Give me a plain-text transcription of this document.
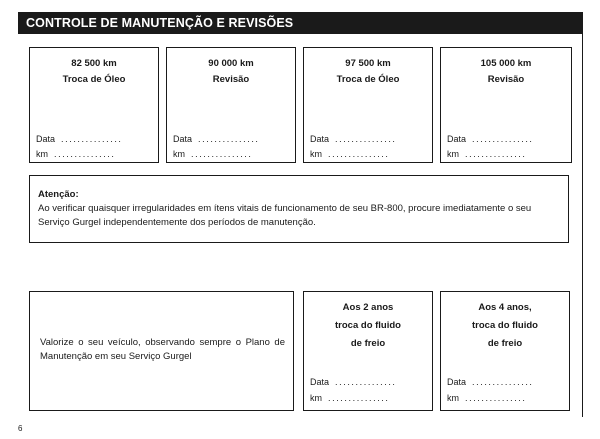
CONTROLE DE MANUTENÇÃO E REVISÕES
82 500 km
Troca de Óleo
Data ...............
km ...............
90 000 km
Revisão
Data ...............
km ...............
97 500 km
Troca de Óleo
Data ...............
km ...............
105 000 km
Revisão
Data ...............
km ...............
Atenção:
Ao verificar quaisquer irregularidades em ítens vitais de funcionamento de seu BR-800, procure imediatamente o seu Serviço Gurgel independentemente dos períodos de manutenção.
Valorize o seu veículo, observando sempre o Plano de Manutenção em seu Serviço Gurgel
Aos 2 anos
troca do fluido
de freio
Data ...............
km ...............
Aos 4 anos,
troca do fluido
de freio
Data ...............
km ...............
6
